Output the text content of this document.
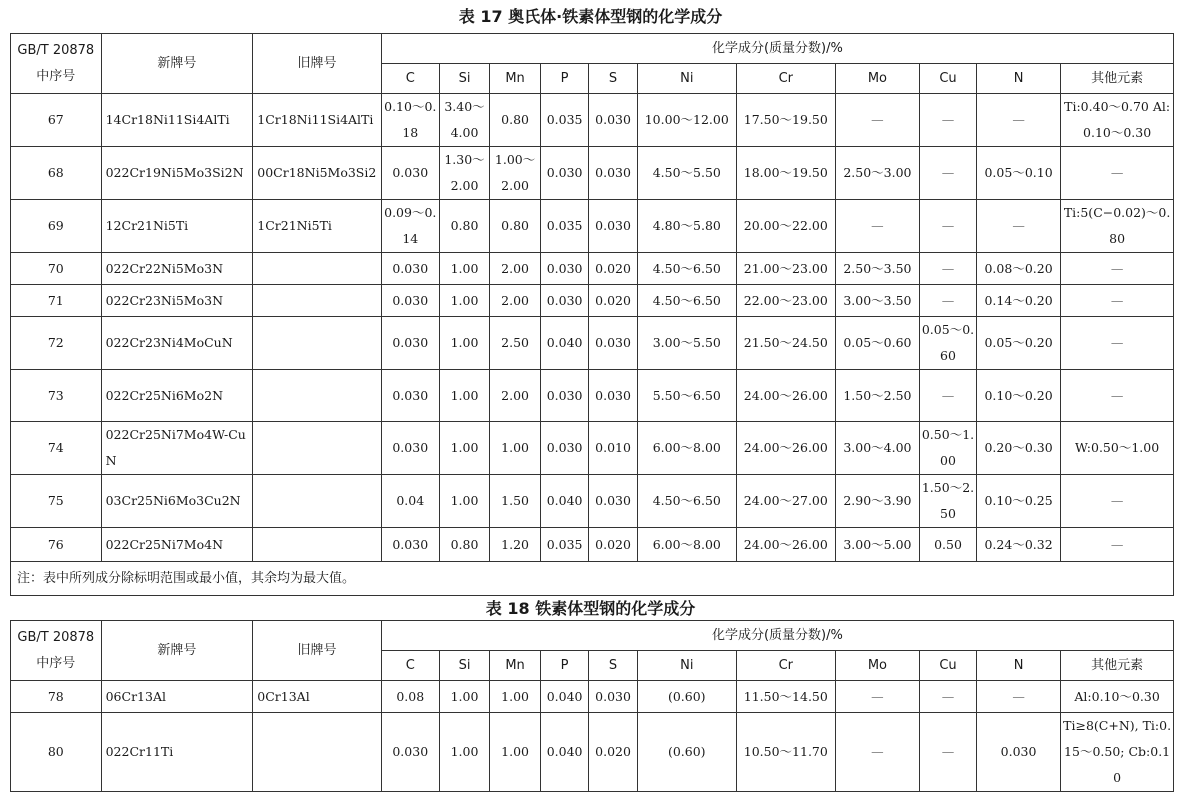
表 17 奥氏体·铁素体型钢的化学成分
GB/T 20878
中序号	新牌号	旧牌号	化学成分(质量分数)/%										
			C	Si	Mn	P	S	Ni	Cr	Mo	Cu	N	其他元素
67	14Cr18Ni11Si4AlTi	1Cr18Ni11Si4AlTi	0.10～0.18	3.40～4.00	0.80	0.035	0.030	10.00～12.00	17.50～19.50	—	—	—	Ti:0.40～0.70 Al:0.10～0.30
68	022Cr19Ni5Mo3Si2N	00Cr18Ni5Mo3Si2	0.030	1.30～2.00	1.00～2.00	0.030	0.030	4.50～5.50	18.00～19.50	2.50～3.00	—	0.05～0.10	—
69	12Cr21Ni5Ti	1Cr21Ni5Ti	0.09～0.14	0.80	0.80	0.035	0.030	4.80～5.80	20.00～22.00	—	—	—	Ti:5(C−0.02)～0.80
70	022Cr22Ni5Mo3N		0.030	1.00	2.00	0.030	0.020	4.50～6.50	21.00～23.00	2.50～3.50	—	0.08～0.20	—
71	022Cr23Ni5Mo3N		0.030	1.00	2.00	0.030	0.020	4.50～6.50	22.00～23.00	3.00～3.50	—	0.14～0.20	—
72	022Cr23Ni4MoCuN		0.030	1.00	2.50	0.040	0.030	3.00～5.50	21.50～24.50	0.05～0.60	0.05～0.60	0.05～0.20	—
73	022Cr25Ni6Mo2N		0.030	1.00	2.00	0.030	0.030	5.50～6.50	24.00～26.00	1.50～2.50	—	0.10～0.20	—
74	022Cr25Ni7Mo4W-CuN		0.030	1.00	1.00	0.030	0.010	6.00～8.00	24.00～26.00	3.00～4.00	0.50～1.00	0.20～0.30	W:0.50～1.00
75	03Cr25Ni6Mo3Cu2N		0.04	1.00	1.50	0.040	0.030	4.50～6.50	24.00～27.00	2.90～3.90	1.50～2.50	0.10～0.25	—
76	022Cr25Ni7Mo4N		0.030	0.80	1.20	0.035	0.020	6.00～8.00	24.00～26.00	3.00～5.00	0.50	0.24～0.32	—
注：表中所列成分除标明范围或最小值，其余均为最大值。													
表 18 铁素体型钢的化学成分
GB/T 20878
中序号	新牌号	旧牌号	化学成分(质量分数)/%										
			C	Si	Mn	P	S	Ni	Cr	Mo	Cu	N	其他元素
78	06Cr13Al	0Cr13Al	0.08	1.00	1.00	0.040	0.030	(0.60)	11.50～14.50	—	—	—	Al:0.10～0.30
80	022Cr11Ti		0.030	1.00	1.00	0.040	0.020	(0.60)	10.50～11.70	—	—	0.030	Ti≥8(C+N), Ti:0.15～0.50; Cb:0.10
